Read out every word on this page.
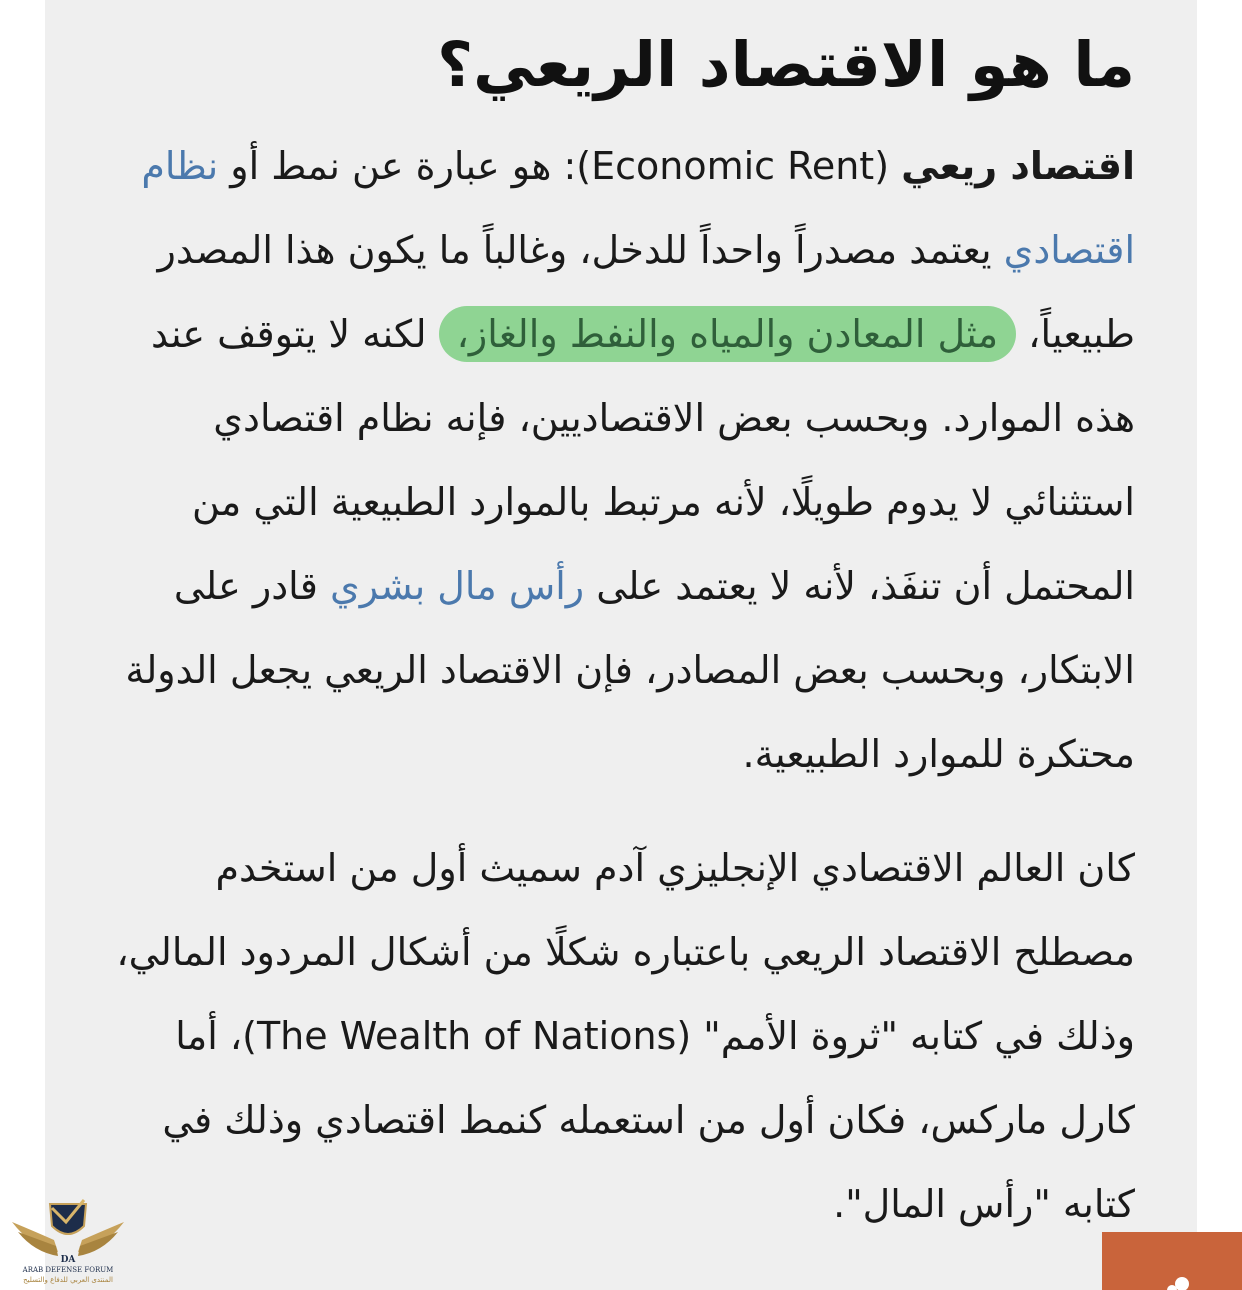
ما هو الاقتصاد الريعي؟

اقتصاد ريعي (Economic Rent): هو عبارة عن نمط أو نظام اقتصادي يعتمد مصدراً واحداً للدخل، وغالباً ما يكون هذا المصدر طبيعياً، مثل المعادن والمياه والنفط والغاز، لكنه لا يتوقف عند هذه الموارد. وبحسب بعض الاقتصاديين، فإنه نظام اقتصادي استثنائي لا يدوم طويلًا، لأنه مرتبط بالموارد الطبيعية التي من المحتمل أن تنفَذ، لأنه لا يعتمد على رأس مال بشري قادر على الابتكار، وبحسب بعض المصادر، فإن الاقتصاد الريعي يجعل الدولة محتكرة للموارد الطبيعية.

كان العالم الاقتصادي الإنجليزي آدم سميث أول من استخدم مصطلح الاقتصاد الريعي باعتباره شكلًا من أشكال المردود المالي، وذلك في كتابه "ثروة الأمم" (The Wealth of Nations)، أما كارل ماركس، فكان أول من استعمله كنمط اقتصادي وذلك في كتابه "رأس المال".

DA
ARAB DEFENSE FORUM
المنتدى العربي للدفاع والتسليح
